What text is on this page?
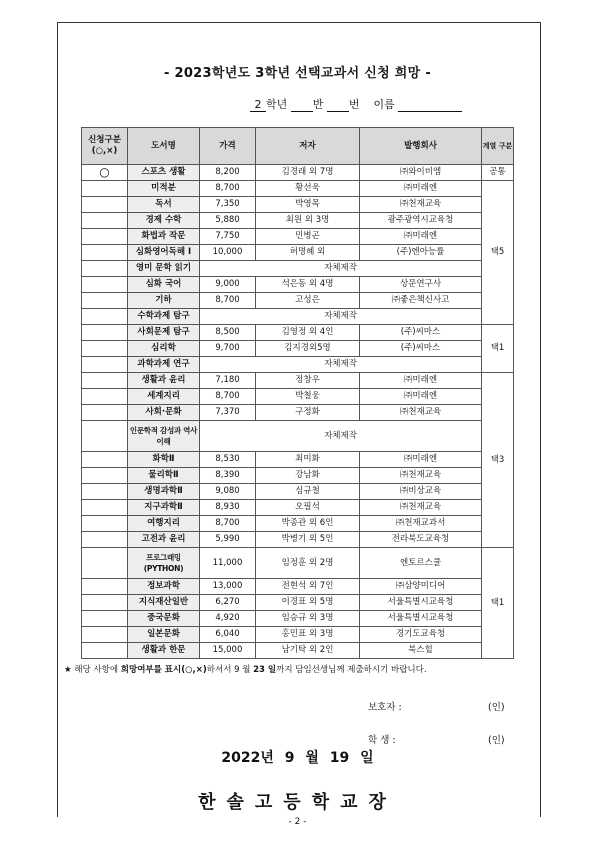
- 2023학년도 3학년 선택교과서 신청 희망 -
2 학년 반 번 이름
신청구분 (○,×)	도서명	가격	저자	발행회사	계열 구분
○	스포츠 생활	8,200	김경래 외 7명	㈜와이비엠	공통
	미적분	8,700	황선욱	㈜미래엔	택5
	독서	7,350	박영목	㈜천재교육	
	경제 수학	5,880	최원 외 3명	광주광역시교육청	
	화법과 작문	7,750	민병곤	㈜미래엔	
	심화영어독해 I	10,000	허명혜 외	(주)엔아능률	
	영미 문학 읽기	자체제작			
	심화 국어	9,000	석은동 외 4명	상문연구사	
	기하	8,700	고성은	㈜좋은책신사고	
	수학과제 탐구	자체제작			
	사회문제 탐구	8,500	김영정 외 4인	(주)씨마스	택1
	심리학	9,700	김지경외5명	(주)씨마스	
	과학과제 연구	자체제작			
	생활과 윤리	7,180	정창우	㈜미래엔	택3
	세계지리	8,700	박철웅	㈜미래엔	
	사회·문화	7,370	구정화	㈜천재교육	
	인문학적 감성과 역사이해	자체제작			
	화학Ⅱ	8,530	최미화	㈜미래엔	
	물리학Ⅱ	8,390	강남화	㈜천재교육	
	생명과학Ⅱ	9,080	심규철	㈜비상교육	
	지구과학Ⅱ	8,930	오필석	㈜천재교육	
	여행지리	8,700	박종관 외 6인	㈜천재교과서	
	고전과 윤리	5,990	박병기 외 5인	전라북도교육청	
	프로그래밍 (PYTHON)	11,000	임정훈 외 2명	엔토르스쿨	택1
	정보과학	13,000	전현석 외 7인	㈜삼양미디어	
	지식재산일반	6,270	이경표 외 5명	서울특별시교육청	
	중국문화	4,920	임승규 외 3명	서울특별시교육청	
	일본문화	6,040	홍민표 외 3명	경기도교육청	
	생활과 한문	15,000	남기탁 외 2인	북스힐	
★ 해당 사항에 희망여부를 표시(○,×)하셔서 9 월 23 일까지 담임선생님께 제출하시기 바랍니다.
보호자 :	(인)
학 생 :	(인)
2022년 9 월 19 일
한솔고등학교장
- 2 -
